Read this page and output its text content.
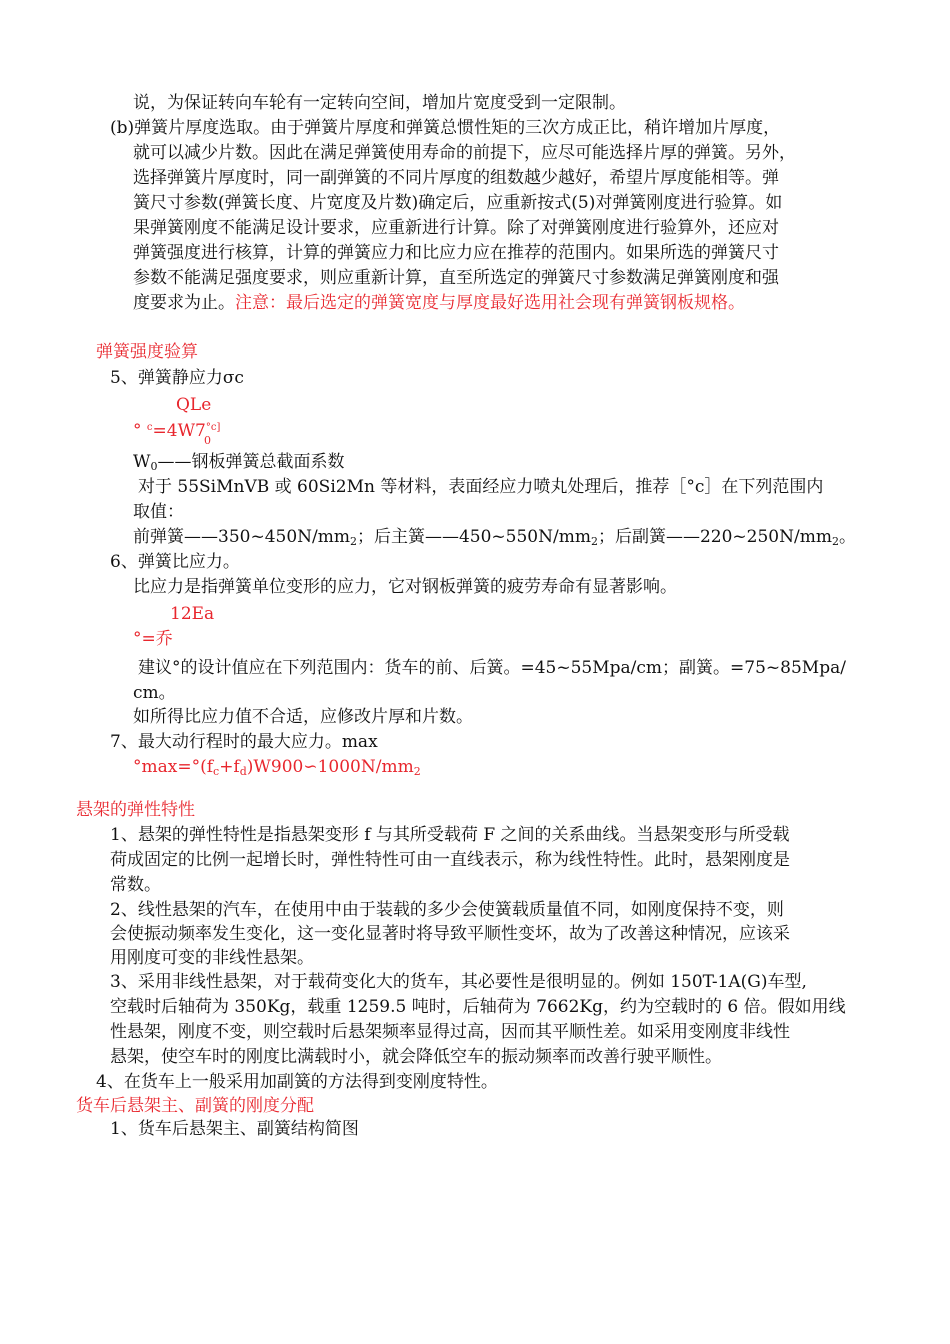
说，为保证转向车轮有一定转向空间，增加片宽度受到一定限制。
(b)弹簧片厚度选取。由于弹簧片厚度和弹簧总惯性矩的三次方成正比，稍许增加片厚度，
就可以减少片数。因此在满足弹簧使用寿命的前提下，应尽可能选择片厚的弹簧。另外，
选择弹簧片厚度时，同一副弹簧的不同片厚度的组数越少越好，希望片厚度能相等。弹
簧尺寸参数(弹簧长度、片宽度及片数)确定后，应重新按式(5)对弹簧刚度进行验算。如
果弹簧刚度不能满足设计要求，应重新进行计算。除了对弹簧刚度进行验算外，还应对
弹簧强度进行核算，计算的弹簧应力和比应力应在推荐的范围内。如果所选的弹簧尺寸
参数不能满足强度要求，则应重新计算，直至所选定的弹簧尺寸参数满足弹簧刚度和强
度要求为止。注意：最后选定的弹簧宽度与厚度最好选用社会现有弹簧钢板规格。
弹簧强度验算
5、弹簧静应力σc
QLe
° $^c=4W7^{^\circ c]}$
0
$W_0——$钢板弹簧总截面系数
对于 55SiMnVB 或 60Si2Mn 等材料，表面经应力喷丸处理后，推荐［°c］在下列范围内
取值：
前弹簧$——350\sim 450N/mm_2$；后主簧$——450\sim 550N/mm_2$；后副簧$——220\sim 250N/mm_2$。
6、弹簧比应力。
比应力是指弹簧单位变形的应力，它对钢板弹簧的疲劳寿命有显著影响。
12Ea
°=乔
建议°的设计值应在下列范围内：货车的前、后簧。=45~55Mpa/cm；副簧。=75~85Mpa/
cm。
如所得比应力值不合适，应修改片厚和片数。
7、最大动行程时的最大应力。max
$^\circ\max=^\circ(f_c+f_d)W900∽1000N/mm_2$
悬架的弹性特性
1、悬架的弹性特性是指悬架变形 f 与其所受载荷 F 之间的关系曲线。当悬架变形与所受载
荷成固定的比例一起增长时，弹性特性可由一直线表示，称为线性特性。此时，悬架刚度是
常数。
2、线性悬架的汽车，在使用中由于装载的多少会使簧载质量值不同，如刚度保持不变，则
会使振动频率发生变化，这一变化显著时将导致平顺性变坏，故为了改善这种情况，应该采
用刚度可变的非线性悬架。
3、采用非线性悬架，对于载荷变化大的货车，其必要性是很明显的。例如 150T-1A(G)车型,
空载时后轴荷为 350Kg，载重 1259.5 吨时，后轴荷为 7662Kg，约为空载时的 6 倍。假如用线
性悬架，刚度不变，则空载时后悬架频率显得过高，因而其平顺性差。如采用变刚度非线性
悬架，使空车时的刚度比满载时小，就会降低空车的振动频率而改善行驶平顺性。
4、在货车上一般采用加副簧的方法得到变刚度特性。
货车后悬架主、副簧的刚度分配
1、货车后悬架主、副簧结构简图
